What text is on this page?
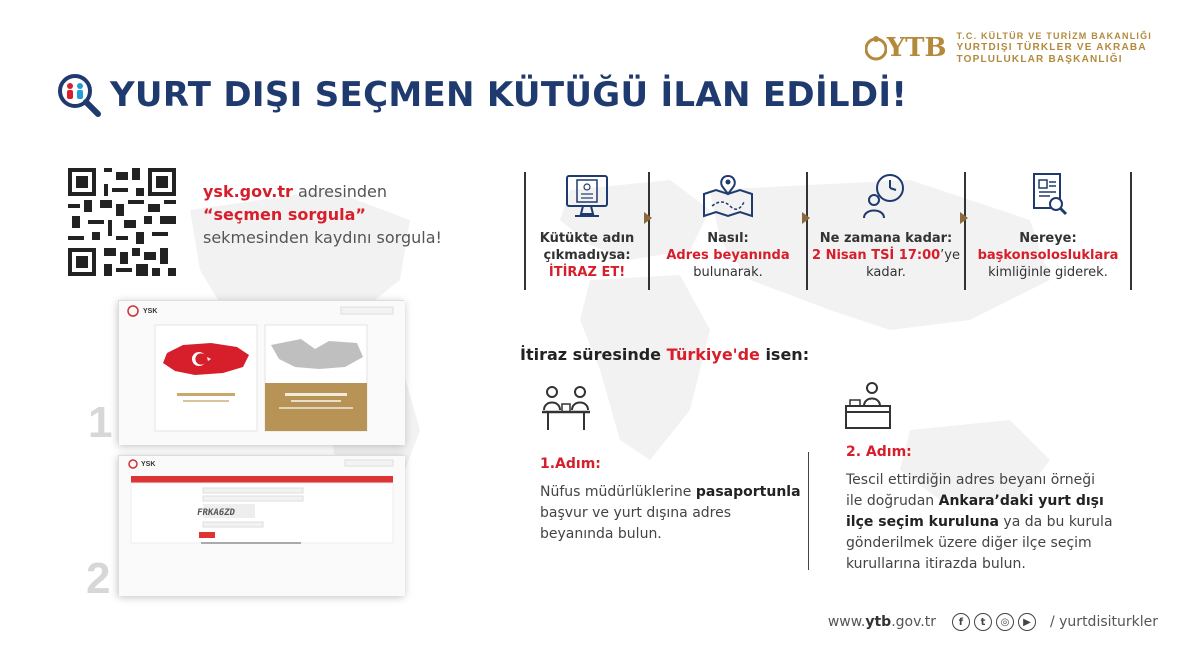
YURT DIŞI SEÇMEN KÜTÜĞÜ İLAN EDİLDİ!
YTB T.C. KÜLTÜR VE TURİZM BAKANLIĞI
YURTDIŞI TÜRKLER VE AKRABA
TOPLULUKLAR BAŞKANLIĞI
ysk.gov.tr adresinden
“seçmen sorgula”
sekmesinden kaydını sorgula!
1
YSK
2
YSK
FRKA6ZD
Kütükte adın
çıkmadıysa:
İTİRAZ ET!
Nasıl:
Adres beyanında
bulunarak.
Ne zamana kadar:
2 Nisan TSİ 17:00’ye
kadar.
Nereye:
başkonsolosluklara
kimliğinle giderek.
İtiraz süresinde Türkiye'de isen:
1.Adım:
Nüfus müdürlüklerine pasaportunla
başvur ve yurt dışına adres
beyanında bulun.
2. Adım:
Tescil ettirdiğin adres beyanı örneği
ile doğrudan Ankara’daki yurt dışı
ilçe seçim kuruluna ya da bu kurula
gönderilmek üzere diğer ilçe seçim
kurullarına itirazda bulun.
www.ytb.gov.tr	f	t	◎	▶	/ yurtdisiturkler
